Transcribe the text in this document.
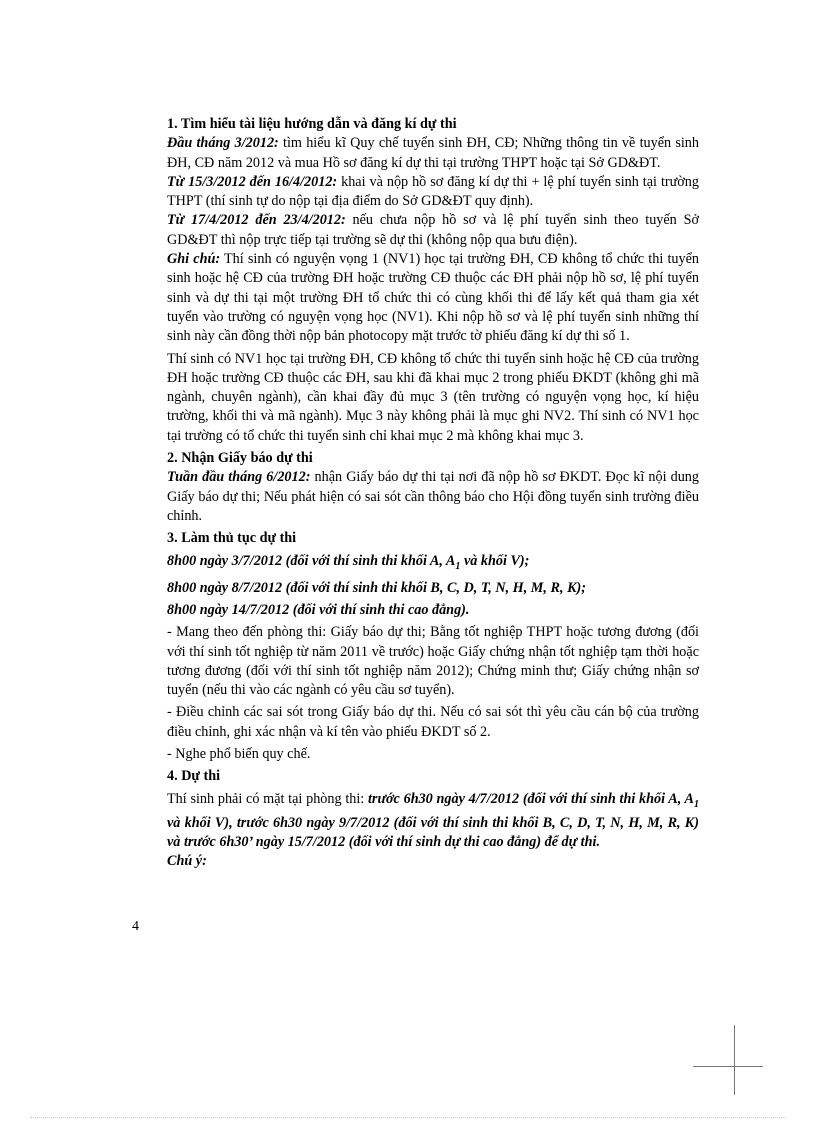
1. Tìm hiểu tài liệu hướng dẫn và đăng kí dự thi

Đầu tháng 3/2012: tìm hiểu kĩ Quy chế tuyển sinh ĐH, CĐ; Những thông tin về tuyển sinh ĐH, CĐ năm 2012 và mua Hồ sơ đăng kí dự thi tại trường THPT hoặc tại Sở GD&ĐT.

Từ 15/3/2012 đến 16/4/2012: khai và nộp hồ sơ đăng kí dự thi + lệ phí tuyển sinh tại trường THPT (thí sinh tự do nộp tại địa điểm do Sở GD&ĐT quy định).

Từ 17/4/2012 đến 23/4/2012: nếu chưa nộp hồ sơ và lệ phí tuyển sinh theo tuyến Sở GD&ĐT thì nộp trực tiếp tại trường sẽ dự thi (không nộp qua bưu điện).

Ghi chú: Thí sinh có nguyện vọng 1 (NV1) học tại trường ĐH, CĐ không tổ chức thi tuyển sinh hoặc hệ CĐ của trường ĐH hoặc trường CĐ thuộc các ĐH phải nộp hồ sơ, lệ phí tuyển sinh và dự thi tại một trường ĐH tổ chức thi có cùng khối thi để lấy kết quả tham gia xét tuyển vào trường có nguyện vọng học (NV1). Khi nộp hồ sơ và lệ phí tuyển sinh những thí sinh này cần đồng thời nộp bản photocopy mặt trước tờ phiếu đăng kí dự thi số 1.

Thí sinh có NV1 học tại trường ĐH, CĐ không tổ chức thi tuyển sinh hoặc hệ CĐ của trường ĐH hoặc trường CĐ thuộc các ĐH, sau khi đã khai mục 2 trong phiếu ĐKDT (không ghi mã ngành, chuyên ngành), cần khai đầy đủ mục 3 (tên trường có nguyện vọng học, kí hiệu trường, khối thi và mã ngành). Mục 3 này không phải là mục ghi NV2. Thí sinh có NV1 học tại trường có tổ chức thi tuyển sinh chỉ khai mục 2 mà không khai mục 3.

2. Nhận Giấy báo dự thi

Tuần đầu tháng 6/2012: nhận Giấy báo dự thi tại nơi đã nộp hồ sơ ĐKDT. Đọc kĩ nội dung Giấy báo dự thi; Nếu phát hiện có sai sót cần thông báo cho Hội đồng tuyển sinh trường điều chỉnh.

3. Làm thủ tục dự thi

8h00 ngày 3/7/2012 (đối với thí sinh thi khối A, $A_1$ và khối V);

8h00 ngày 8/7/2012 (đối với thí sinh thi khối B, C, D, T, N, H, M, R, K);

8h00 ngày 14/7/2012 (đối với thí sinh thi cao đẳng).

- Mang theo đến phòng thi: Giấy báo dự thi; Bằng tốt nghiệp THPT hoặc tương đương (đối với thí sinh tốt nghiệp từ năm 2011 về trước) hoặc Giấy chứng nhận tốt nghiệp tạm thời hoặc tương đương (đối với thí sinh tốt nghiệp năm 2012); Chứng minh thư; Giấy chứng nhận sơ tuyển (nếu thi vào các ngành có yêu cầu sơ tuyển).

- Điều chỉnh các sai sót trong Giấy báo dự thi. Nếu có sai sót thì yêu cầu cán bộ của trường điều chỉnh, ghi xác nhận và kí tên vào phiếu ĐKDT số 2.

- Nghe phổ biến quy chế.

4. Dự thi

Thí sinh phải có mặt tại phòng thi: trước 6h30 ngày 4/7/2012 (đối với thí sinh thi khối A, $A_1$ và khối V), trước 6h30 ngày 9/7/2012 (đối với thí sinh thi khối B, C, D, T, N, H, M, R, K) và trước 6h30’ ngày 15/7/2012 (đối với thí sinh dự thi cao đẳng) để dự thi.

Chú ý:

4
